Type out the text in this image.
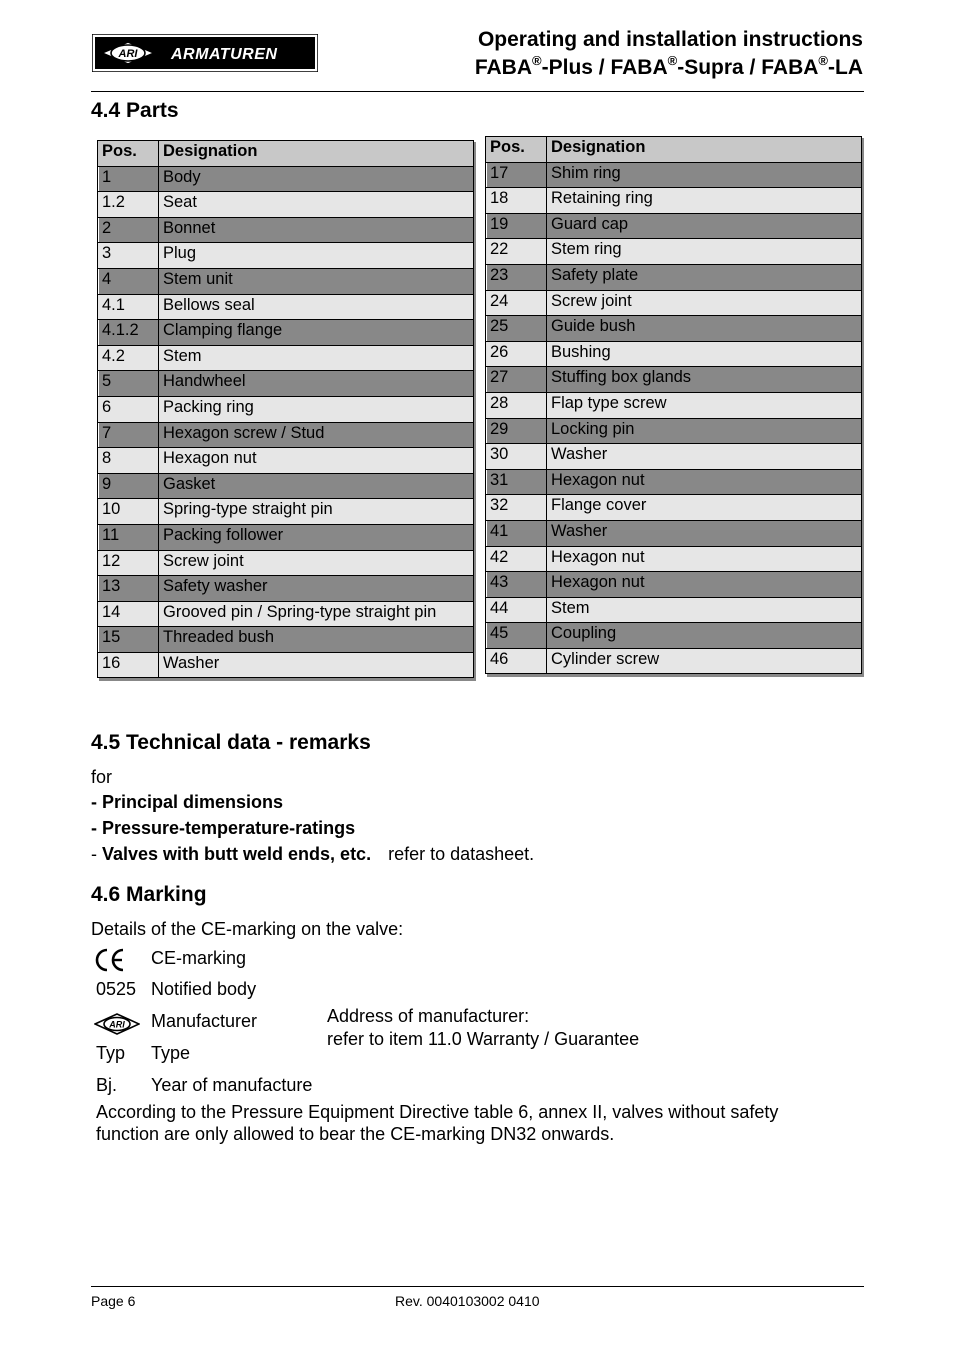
ARI ARMATUREN
Operating and installation instructions
FABA®-Plus / FABA®-Supra / FABA®-LA
4.4 Parts
Pos.	Designation
1	Body
1.2	Seat
2	Bonnet
3	Plug
4	Stem unit
4.1	Bellows seal
4.1.2	Clamping flange
4.2	Stem
5	Handwheel
6	Packing ring
7	Hexagon screw / Stud
8	Hexagon nut
9	Gasket
10	Spring-type straight pin
11	Packing follower
12	Screw joint
13	Safety washer
14	Grooved pin / Spring-type straight pin
15	Threaded bush
16	Washer
Pos.	Designation
17	Shim ring
18	Retaining ring
19	Guard cap
22	Stem ring
23	Safety plate
24	Screw joint
25	Guide bush
26	Bushing
27	Stuffing box glands
28	Flap type screw
29	Locking pin
30	Washer
31	Hexagon nut
32	Flange cover
41	Washer
42	Hexagon nut
43	Hexagon nut
44	Stem
45	Coupling
46	Cylinder screw
4.5 Technical data - remarks
for
- Principal dimensions
- Pressure-temperature-ratings
- Valves with butt weld ends, etc. refer to datasheet.
4.6 Marking
Details of the CE-marking on the valve:
CE-marking
0525 Notified body
ARI Manufacturer	Address of manufacturer:
refer to item 11.0 Warranty / Guarantee
Typ Type
Bj. Year of manufacture
According to the Pressure Equipment Directive table 6, annex II, valves without safety
function are only allowed to bear the CE-marking DN32 onwards.
Page 6	Rev. 0040103002 0410
